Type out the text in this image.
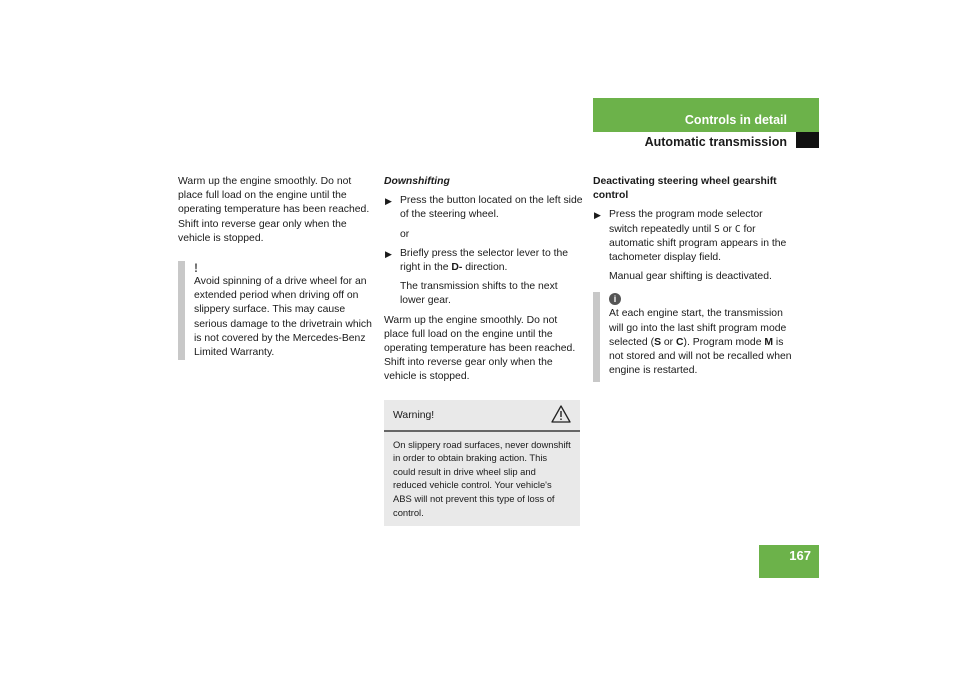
Controls in detail
Automatic transmission

Warm up the engine smoothly. Do not place full load on the engine until the operating temperature has been reached. Shift into reverse gear only when the vehicle is stopped.

!

Avoid spinning of a drive wheel for an extended period when driving off on slippery surface. This may cause serious damage to the drivetrain which is not covered by the Mercedes-Benz Limited Warranty.

Downshifting

▶ Press the button located on the left side of the steering wheel.

or

▶ Briefly press the selector lever to the right in the D- direction.

The transmission shifts to the next lower gear.

Warm up the engine smoothly. Do not place full load on the engine until the operating temperature has been reached. Shift into reverse gear only when the vehicle is stopped.

Warning!

On slippery road surfaces, never downshift in order to obtain braking action. This could result in drive wheel slip and reduced vehicle control. Your vehicle's ABS will not prevent this type of loss of control.

Deactivating steering wheel gearshift control

▶ Press the program mode selector switch repeatedly until S or C for automatic shift program appears in the tachometer display field.

Manual gear shifting is deactivated.

i

At each engine start, the transmission will go into the last shift program mode selected (S or C). Program mode M is not stored and will not be recalled when engine is restarted.

167
